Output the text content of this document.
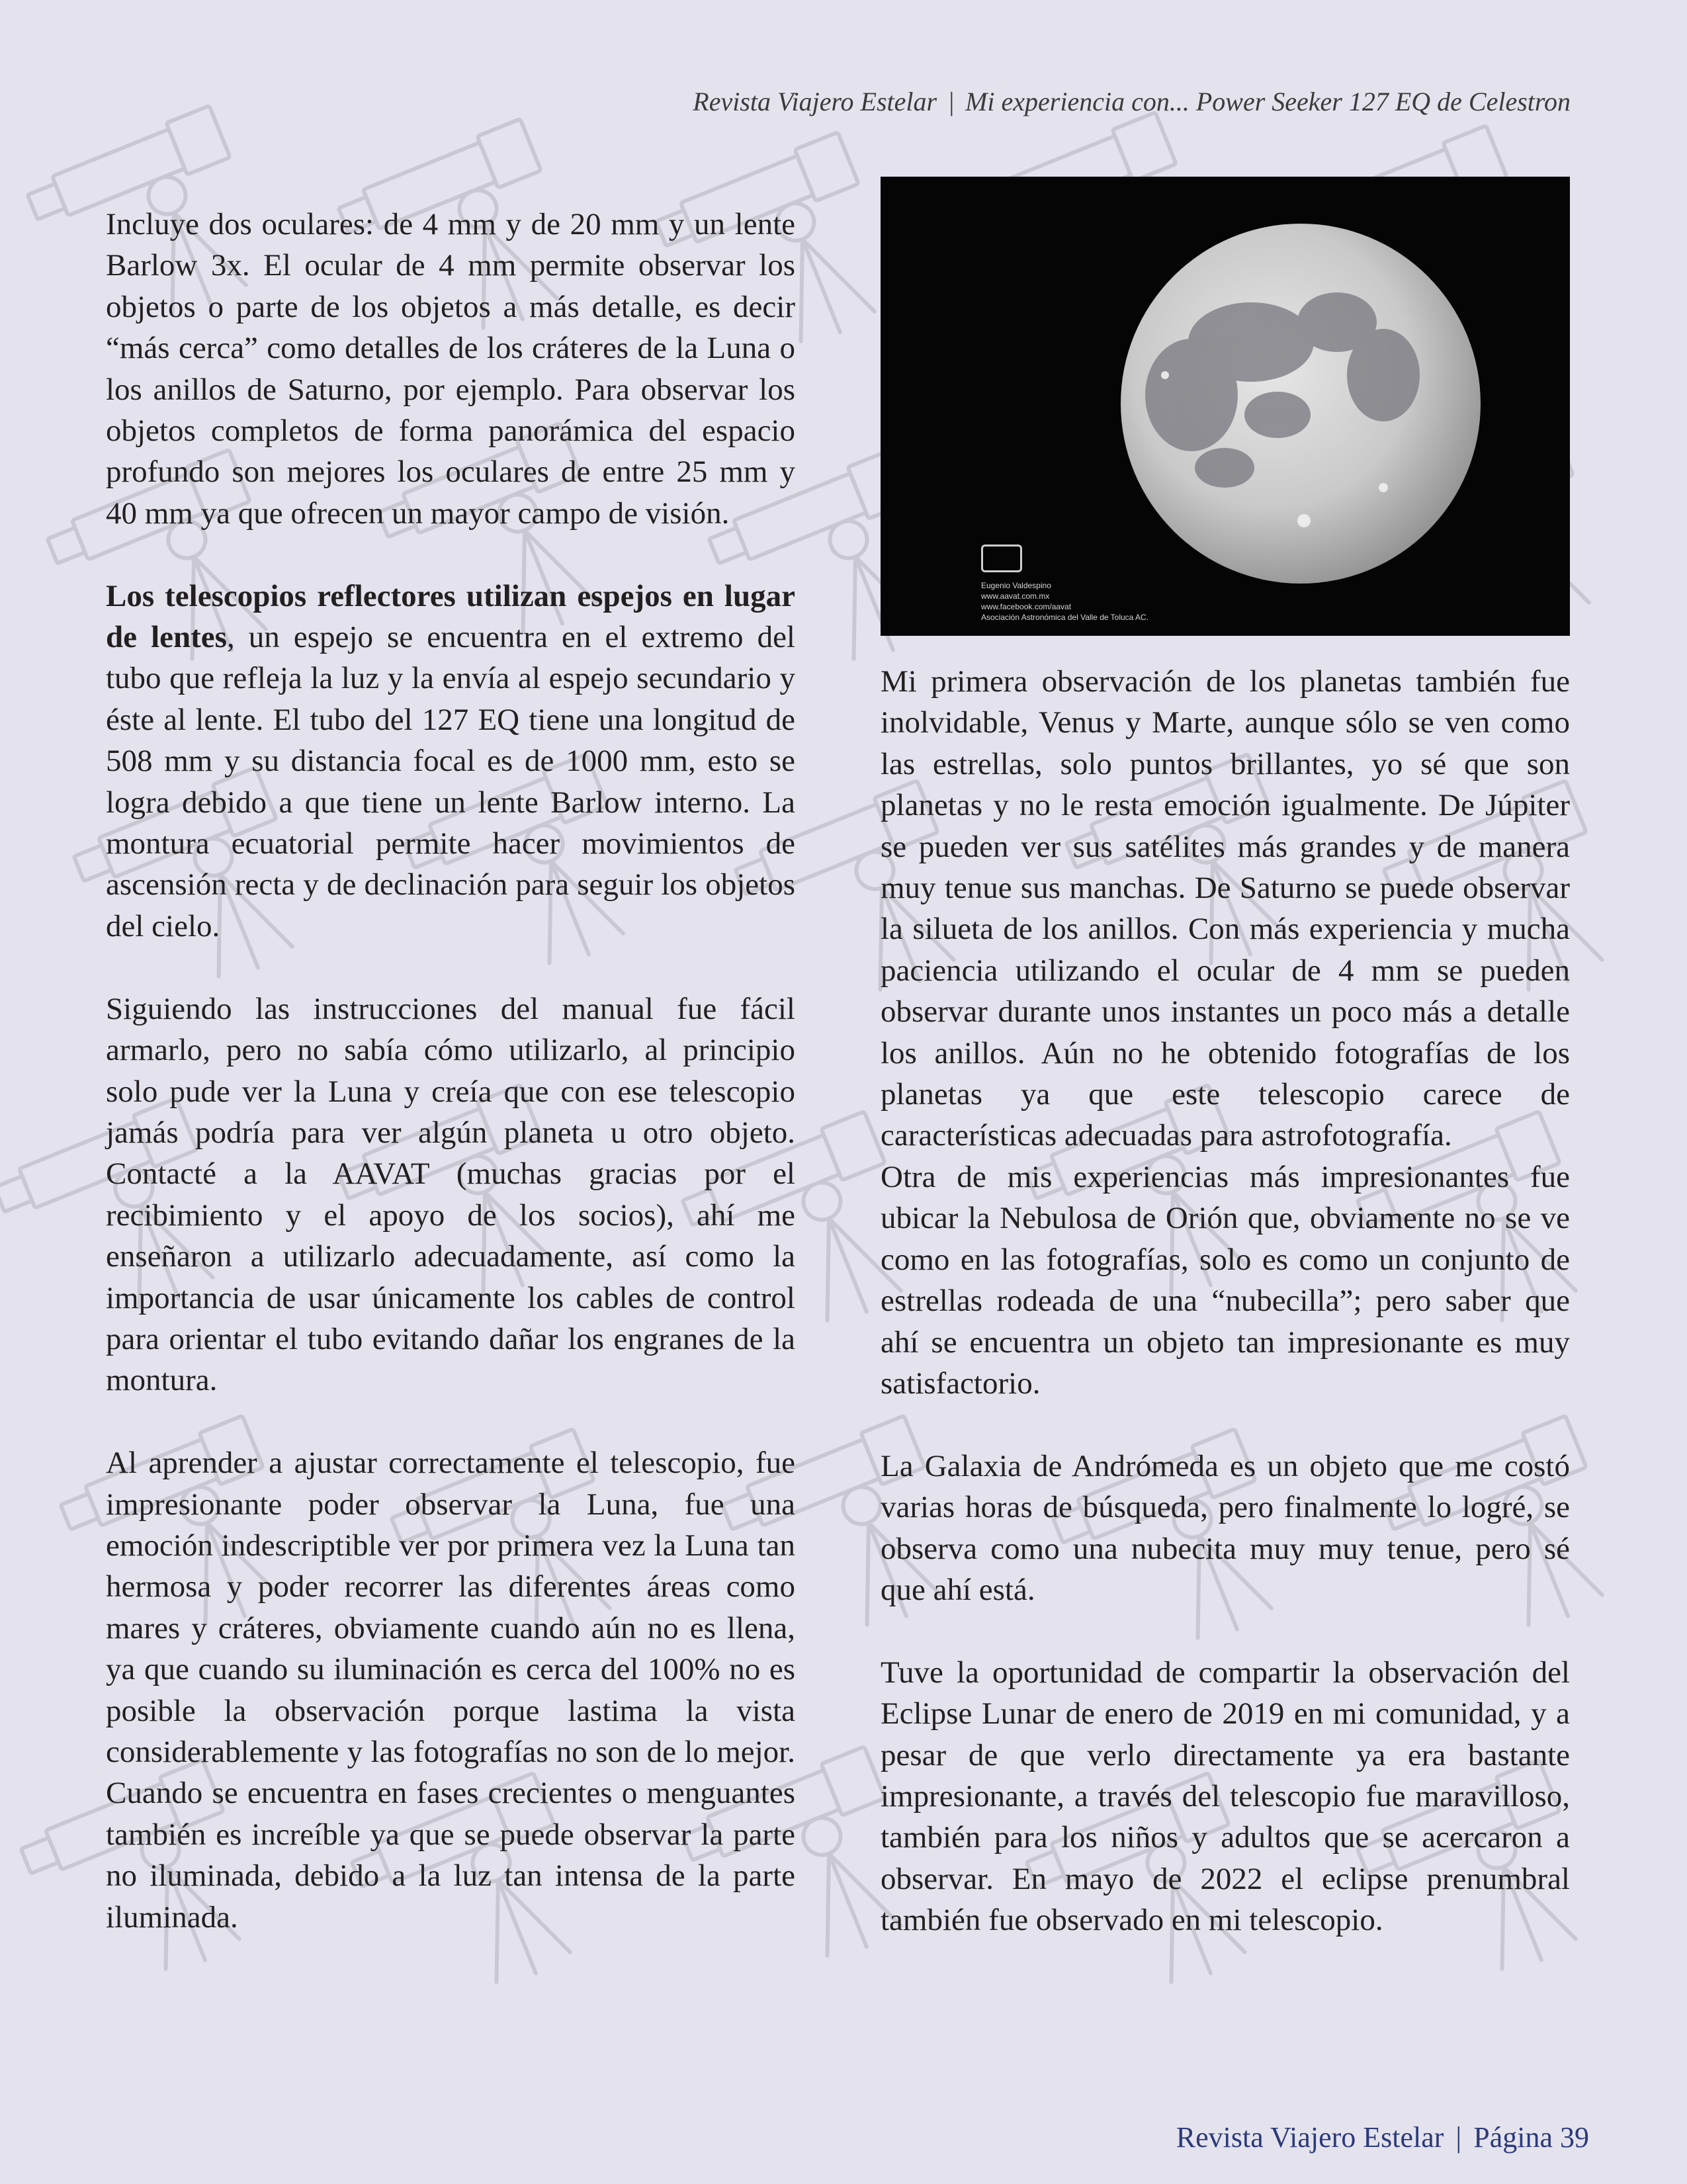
Revista Viajero Estelar | Mi experiencia con... Power Seeker 127 EQ de Celestron

Incluye dos oculares: de 4 mm y de 20 mm y un lente Barlow 3x. El ocular de 4 mm permite observar los objetos o parte de los objetos a más detalle, es decir “más cerca” como detalles de los cráteres de la Luna o los anillos de Saturno, por ejemplo. Para observar los objetos completos de forma panorámica del espacio profundo son mejores los oculares de entre 25 mm y 40 mm ya que ofrecen un mayor campo de visión.

Los telescopios reflectores utilizan espejos en lugar de lentes, un espejo se encuentra en el extremo del tubo que refleja la luz y la envía al espejo secundario y éste al lente. El tubo del 127 EQ tiene una longitud de 508 mm y su distancia focal es de 1000 mm, esto se logra debido a que tiene un lente Barlow interno. La montura ecuatorial permite hacer movimientos de ascensión recta y de declinación para seguir los objetos del cielo.

Siguiendo las instrucciones del manual fue fácil armarlo, pero no sabía cómo utilizarlo, al principio solo pude ver la Luna y creía que con ese telescopio jamás podría para ver algún planeta u otro objeto. Contacté a la AAVAT (muchas gracias por el recibimiento y el apoyo de los socios), ahí me enseñaron a utilizarlo adecuadamente, así como la importancia de usar únicamente los cables de control para orientar el tubo evitando dañar los engranes de la montura.

Al aprender a ajustar correctamente el telescopio, fue impresionante poder observar la Luna, fue una emoción indescriptible ver por primera vez la Luna tan hermosa y poder recorrer las diferentes áreas como mares y cráteres, obviamente cuando aún no es llena, ya que cuando su iluminación es cerca del 100% no es posible la observación porque lastima la vista considerablemente y las fotografías no son de lo mejor. Cuando se encuentra en fases crecientes o menguantes también es increíble ya que se puede observar la parte no iluminada, debido a la luz tan intensa de la parte iluminada.

Eugenio Valdespino
www.aavat.com.mx
www.facebook.com/aavat
Asociación Astronómica del Valle de Toluca AC.

Mi primera observación de los planetas también fue inolvidable, Venus y Marte, aunque sólo se ven como las estrellas, solo puntos brillantes, yo sé que son planetas y no le resta emoción igualmente. De Júpiter se pueden ver sus satélites más grandes y de manera muy tenue sus manchas. De Saturno se puede observar la silueta de los anillos. Con más experiencia y mucha paciencia utilizando el ocular de 4 mm se pueden observar durante unos instantes un poco más a detalle los anillos. Aún no he obtenido fotografías de los planetas ya que este telescopio carece de características adecuadas para astrofotografía.

Otra de mis experiencias más impresionantes fue ubicar la Nebulosa de Orión que, obviamente no se ve como en las fotografías, solo es como un conjunto de estrellas rodeada de una “nubecilla”; pero saber que ahí se encuentra un objeto tan impresionante es muy satisfactorio.

La Galaxia de Andrómeda es un objeto que me costó varias horas de búsqueda, pero finalmente lo logré, se observa como una nubecita muy muy tenue, pero sé que ahí está.

Tuve la oportunidad de compartir la observación del Eclipse Lunar de enero de 2019 en mi comunidad, y a pesar de que verlo directamente ya era bastante impresionante, a través del telescopio fue maravilloso, también para los niños y adultos que se acercaron a observar. En mayo de 2022 el eclipse prenumbral también fue observado en mi telescopio.

Revista Viajero Estelar | Página 39
